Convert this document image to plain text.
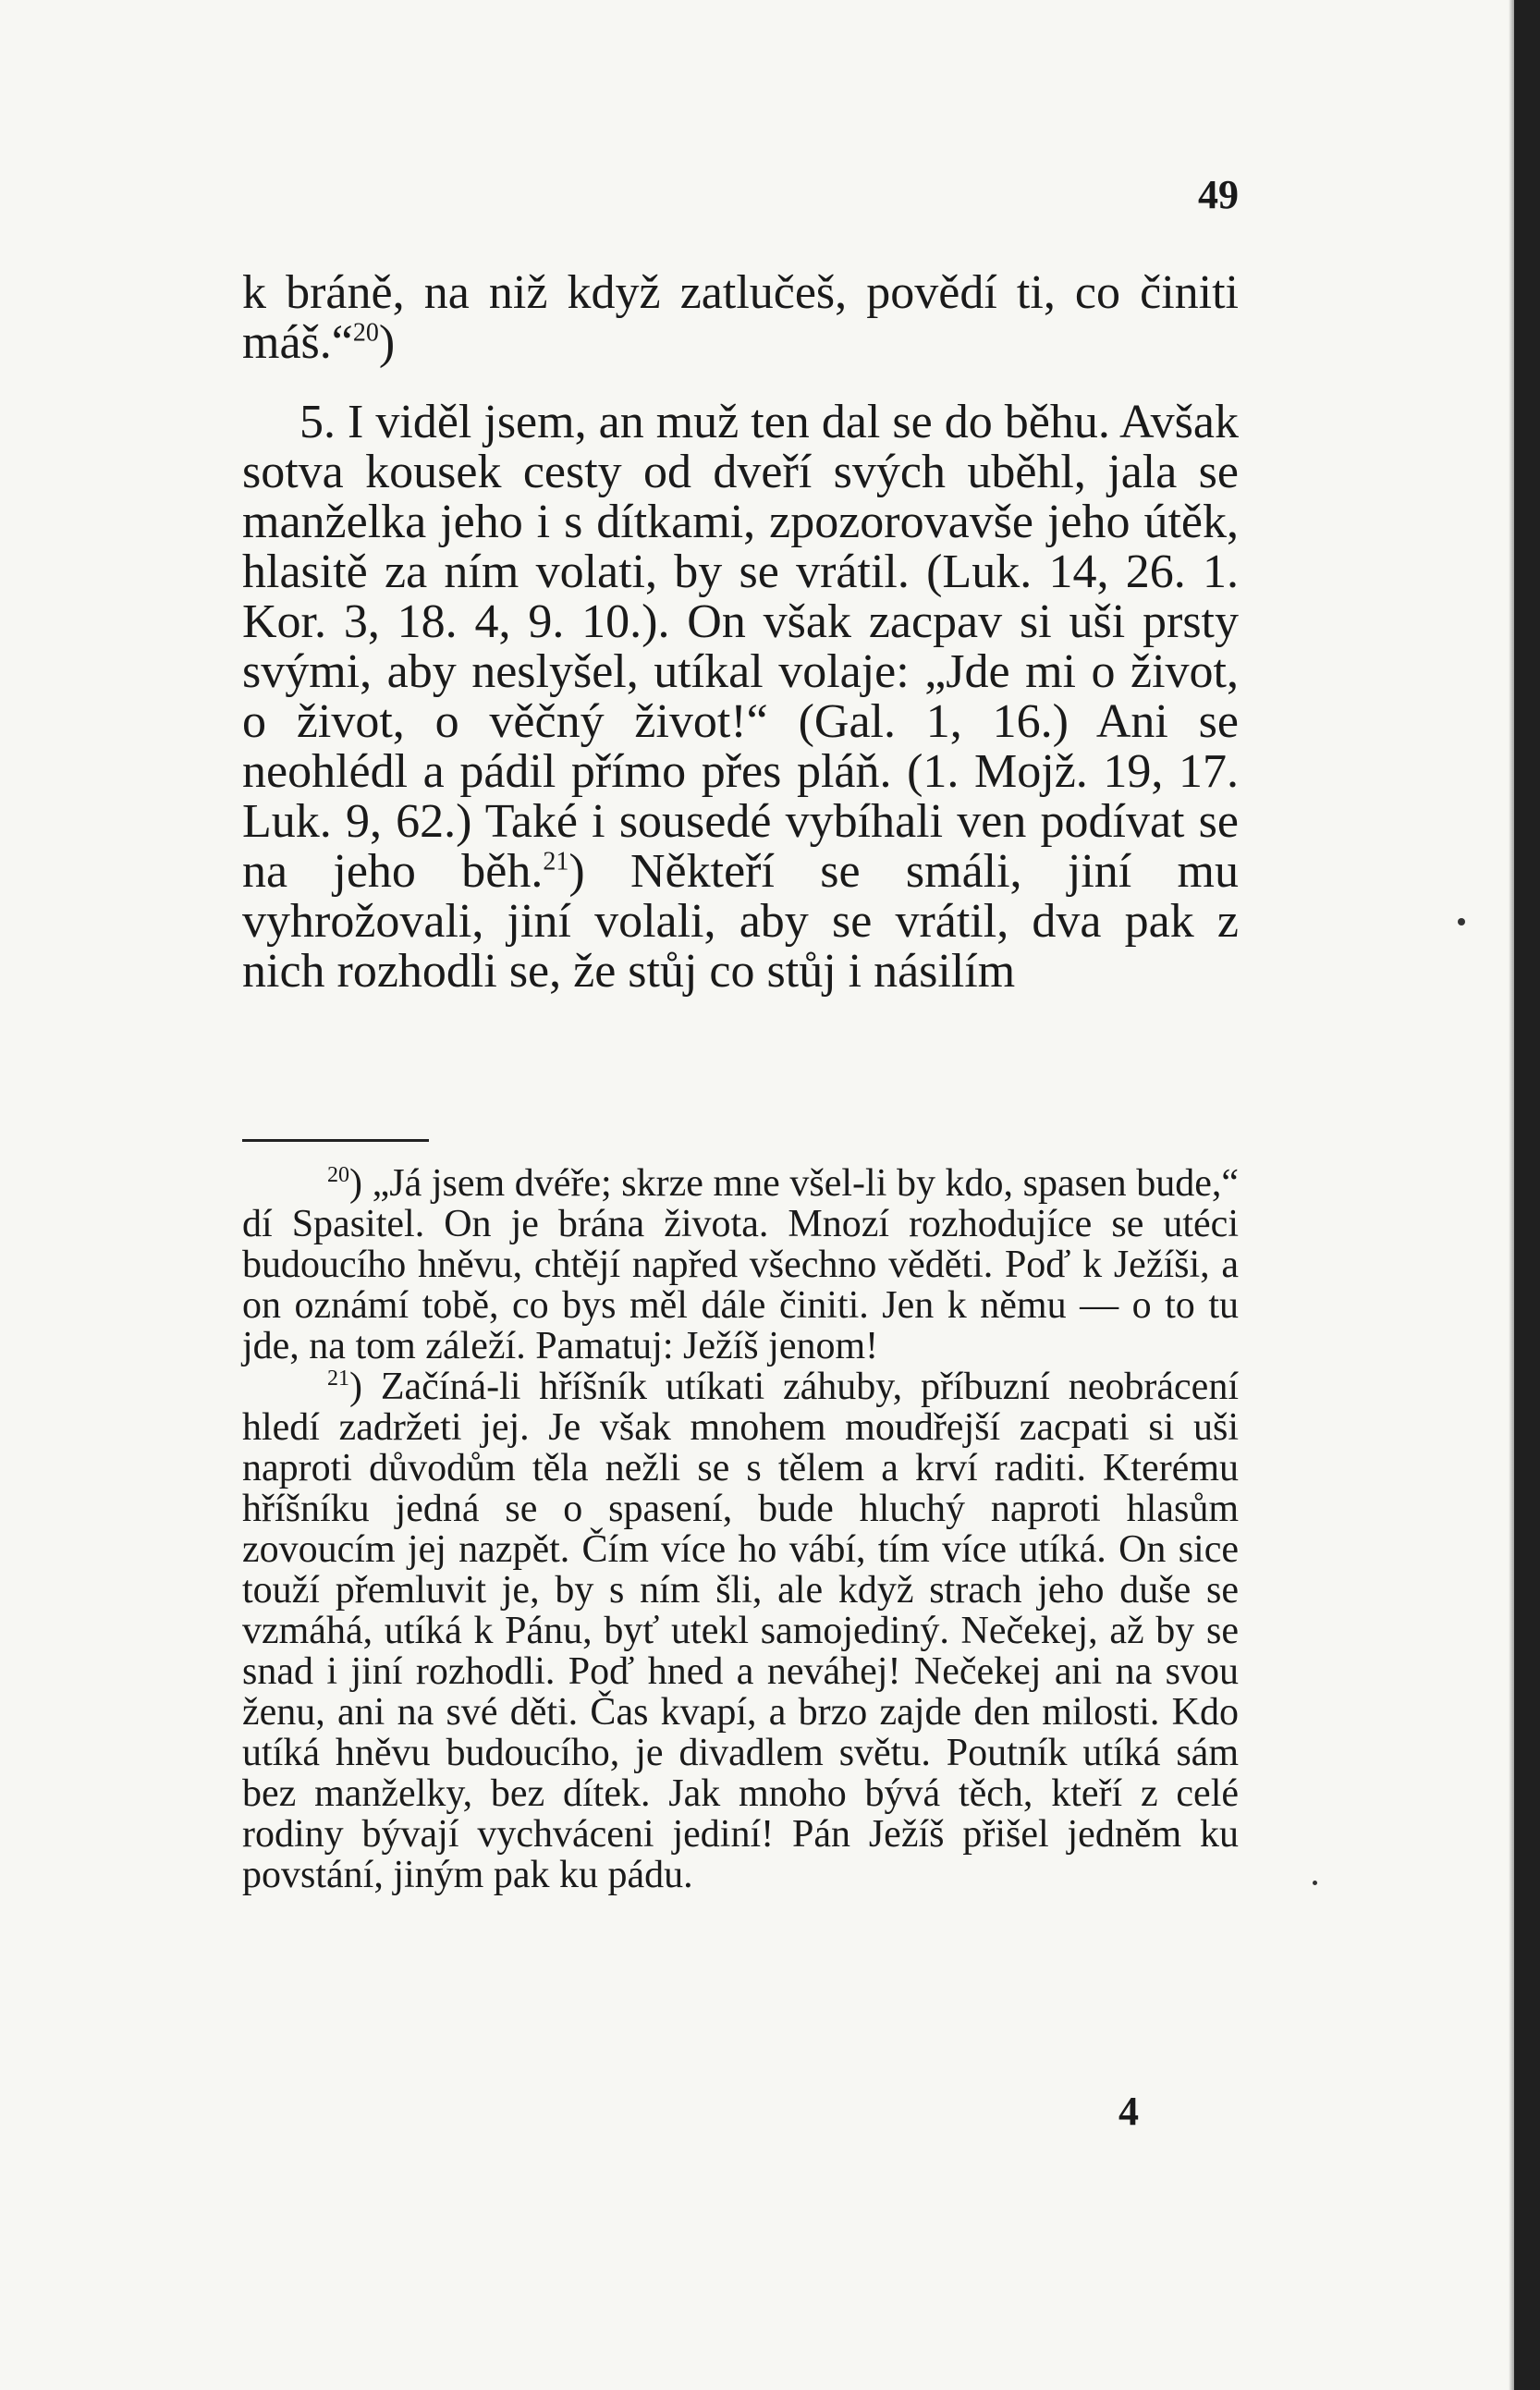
49

k bráně, na niž když zatlučeš, povědí ti, co činiti máš.“$^{20}$)

5. I viděl jsem, an muž ten dal se do běhu. Avšak sotva kousek cesty od dveří svých uběhl, jala se manželka jeho i s dítkami, zpozorovavše jeho útěk, hlasitě za ním volati, by se vrátil. (Luk. 14, 26. 1. Kor. 3, 18. 4, 9. 10.). On však zacpav si uši prsty svými, aby neslyšel, utíkal volaje: „Jde mi o život, o život, o věčný život!“ (Gal. 1, 16.) Ani se neohlédl a pádil přímo přes pláň. (1. Mojž. 19, 17. Luk. 9, 62.) Také i sousedé vybíhali ven podívat se na jeho běh.$^{21}$) Někteří se smáli, jiní mu vyhrožovali, jiní volali, aby se vrátil, dva pak z nich rozhodli se, že stůj co stůj i násilím

$^{20}$) „Já jsem dvéře; skrze mne všel-li by kdo, spasen bude,“ dí Spasitel. On je brána života. Mnozí rozhodujíce se utéci budoucího hněvu, chtějí napřed všechno věděti. Poď k Ježíši, a on oznámí tobě, co bys měl dále činiti. Jen k němu — o to tu jde, na tom záleží. Pamatuj: Ježíš jenom!

$^{21}$) Začíná-li hříšník utíkati záhuby, příbuzní neobrácení hledí zadržeti jej. Je však mnohem moudřejší zacpati si uši naproti důvodům těla nežli se s tělem a krví raditi. Kterému hříšníku jedná se o spasení, bude hluchý naproti hlasům zovoucím jej nazpět. Čím více ho vábí, tím více utíká. On sice touží přemluvit je, by s ním šli, ale když strach jeho duše se vzmáhá, utíká k Pánu, byť utekl samojediný. Nečekej, až by se snad i jiní rozhodli. Poď hned a neváhej! Nečekej ani na svou ženu, ani na své děti. Čas kvapí, a brzo zajde den milosti. Kdo utíká hněvu budoucího, je divadlem světu. Poutník utíká sám bez manželky, bez dítek. Jak mnoho bývá těch, kteří z celé rodiny bývají vychváceni jediní! Pán Ježíš přišel jedněm ku povstání, jiným pak ku pádu.

4
